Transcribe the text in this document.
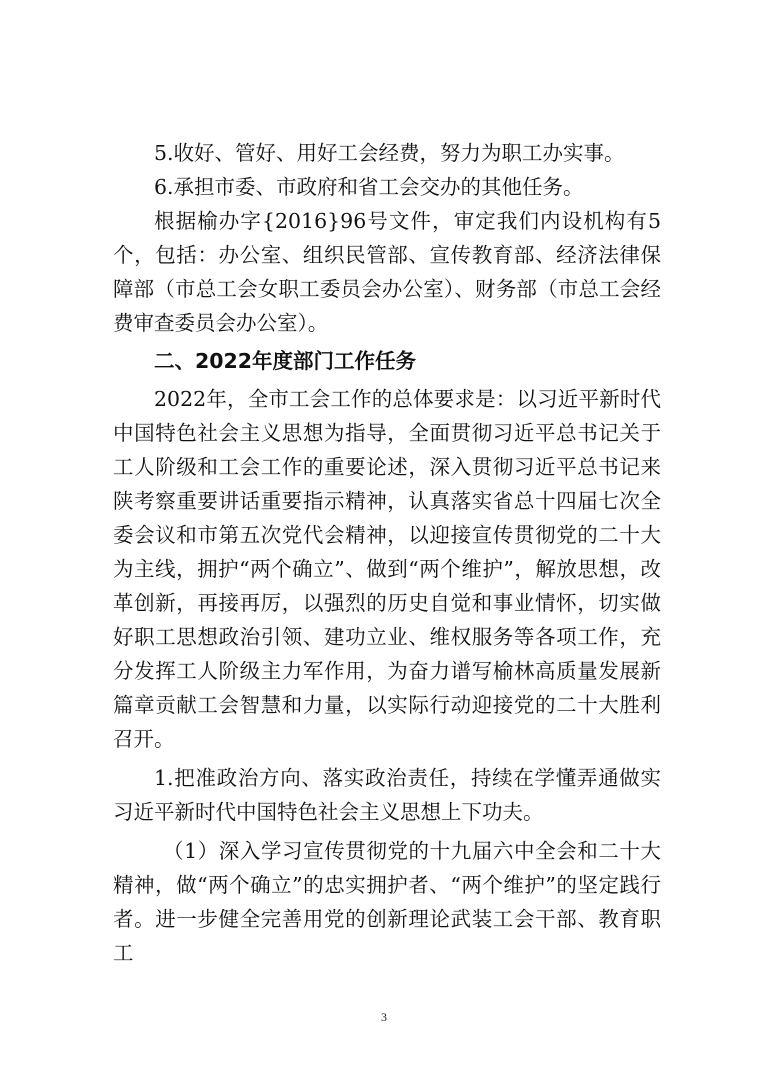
5.收好、管好、用好工会经费，努力为职工办实事。

6.承担市委、市政府和省工会交办的其他任务。

根据榆办字{2016}96号文件，审定我们内设机构有5个，包括：办公室、组织民管部、宣传教育部、经济法律保障部（市总工会女职工委员会办公室）、财务部（市总工会经费审查委员会办公室）。

二、2022年度部门工作任务

2022年，全市工会工作的总体要求是：以习近平新时代中国特色社会主义思想为指导，全面贯彻习近平总书记关于工人阶级和工会工作的重要论述，深入贯彻习近平总书记来陕考察重要讲话重要指示精神，认真落实省总十四届七次全委会议和市第五次党代会精神，以迎接宣传贯彻党的二十大为主线，拥护“两个确立”、做到“两个维护”，解放思想，改革创新，再接再厉，以强烈的历史自觉和事业情怀，切实做好职工思想政治引领、建功立业、维权服务等各项工作，充分发挥工人阶级主力军作用，为奋力谱写榆林高质量发展新篇章贡献工会智慧和力量，以实际行动迎接党的二十大胜利召开。

1.把准政治方向、落实政治责任，持续在学懂弄通做实习近平新时代中国特色社会主义思想上下功夫。

（1）深入学习宣传贯彻党的十九届六中全会和二十大精神，做“两个确立”的忠实拥护者、“两个维护”的坚定践行者。进一步健全完善用党的创新理论武装工会干部、教育职工

3
